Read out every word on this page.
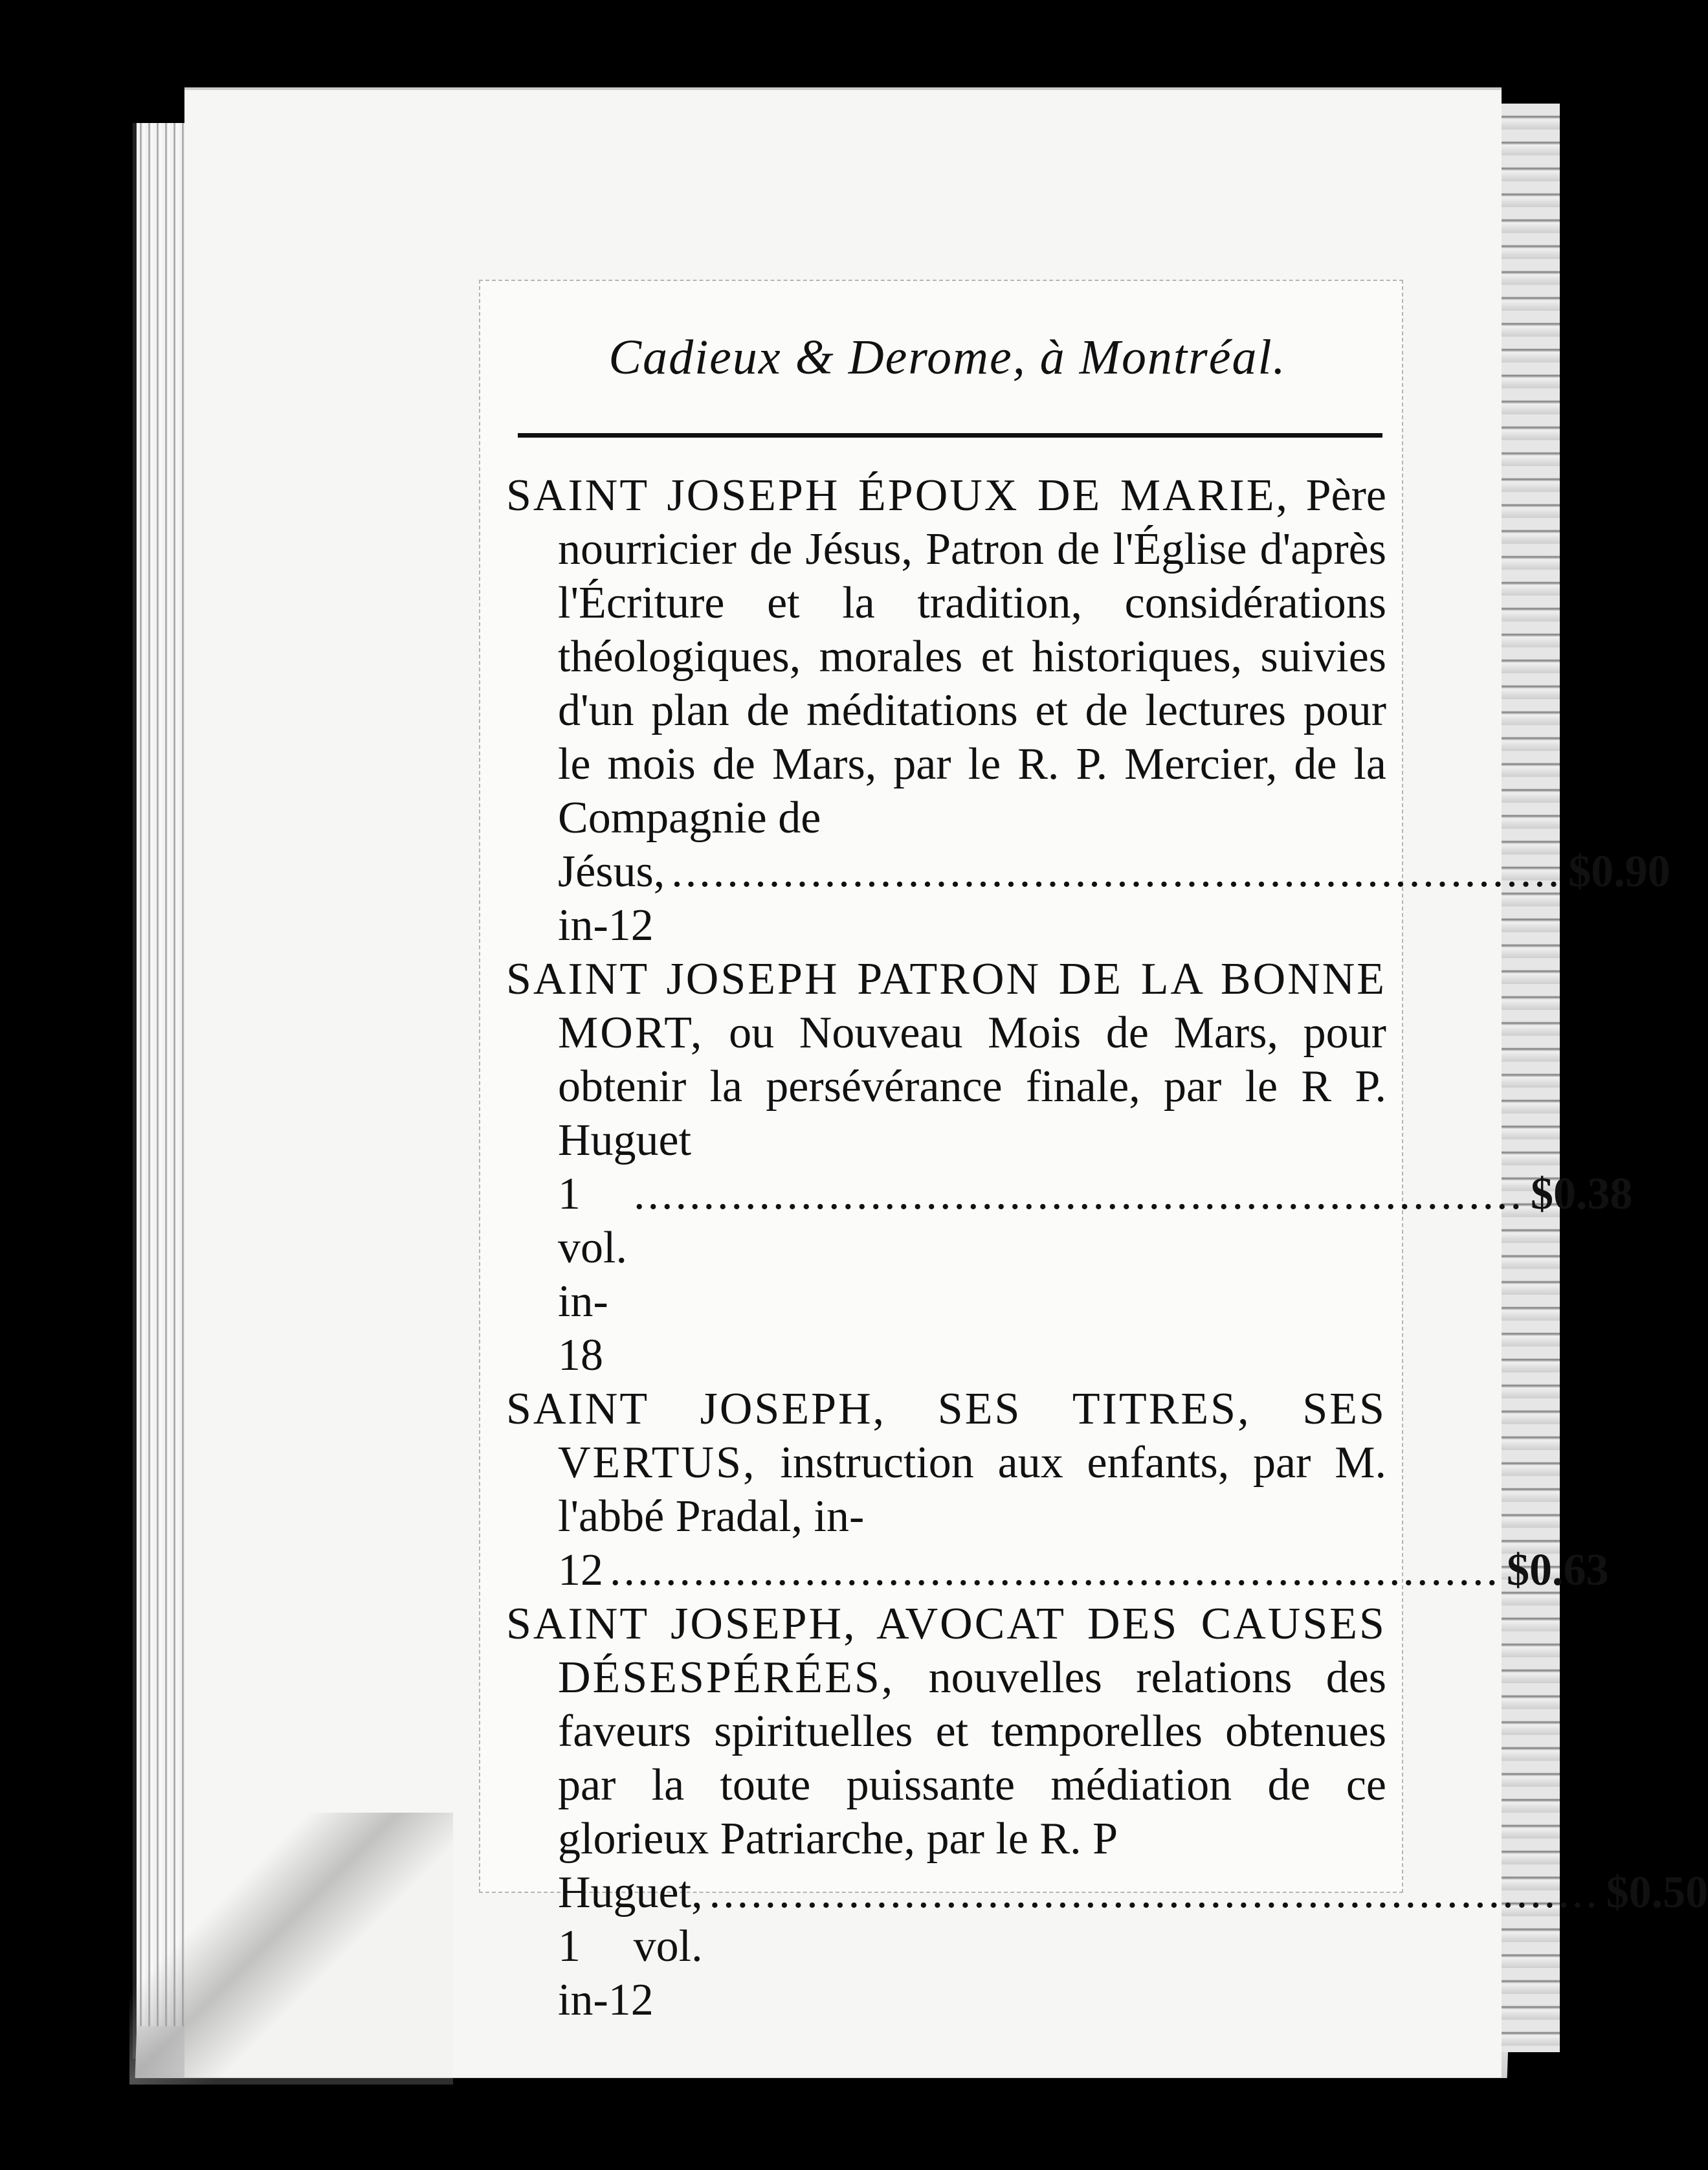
Cadieux & Derome, à Montréal.
SAINT JOSEPH ÉPOUX DE MARIE, Père nourricier de Jésus, Patron de l'Église d'après l'Écriture et la tradition, considérations théologiques, morales et historiques, suivies d'un plan de méditations et de lectures pour le mois de Mars, par le R. P. Mercier, de la Compagnie de
Jésus, in-12
................................................................ $0.90
SAINT JOSEPH PATRON DE LA BONNE MORT, ou Nouveau Mois de Mars, pour obtenir la persévérance finale, par le R P. Huguet
1 vol. in-18
................................................................ $0.38
SAINT JOSEPH, SES TITRES, SES VERTUS, instruction aux enfants, par M. l'abbé Pradal, in-
12 ................................................................ $0.63
SAINT JOSEPH, AVOCAT DES CAUSES DÉSESPÉRÉES, nouvelles relations des faveurs spirituelles et temporelles obtenues par la toute puissante médiation de ce glorieux Patriarche, par le R. P
Huguet, 1 vol. in-12
................................................................ $0.50
